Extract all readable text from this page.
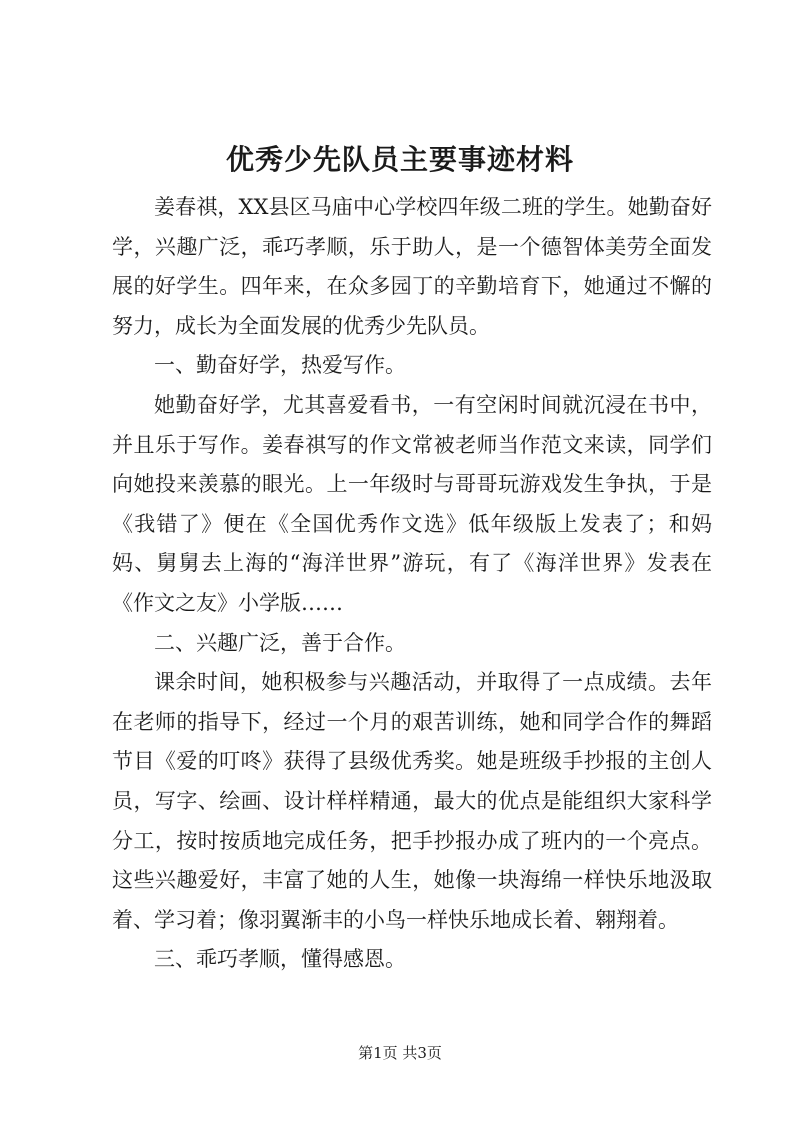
优秀少先队员主要事迹材料

姜春祺，XX县区马庙中心学校四年级二班的学生。她勤奋好学，兴趣广泛，乖巧孝顺，乐于助人，是一个德智体美劳全面发展的好学生。四年来，在众多园丁的辛勤培育下，她通过不懈的努力，成长为全面发展的优秀少先队员。

一、勤奋好学，热爱写作。

她勤奋好学，尤其喜爱看书，一有空闲时间就沉浸在书中，并且乐于写作。姜春祺写的作文常被老师当作范文来读，同学们向她投来羡慕的眼光。上一年级时与哥哥玩游戏发生争执，于是《我错了》便在《全国优秀作文选》低年级版上发表了；和妈妈、舅舅去上海的“海洋世界”游玩，有了《海洋世界》发表在《作文之友》小学版……

二、兴趣广泛，善于合作。

课余时间，她积极参与兴趣活动，并取得了一点成绩。去年在老师的指导下，经过一个月的艰苦训练，她和同学合作的舞蹈节目《爱的叮咚》获得了县级优秀奖。她是班级手抄报的主创人员，写字、绘画、设计样样精通，最大的优点是能组织大家科学分工，按时按质地完成任务，把手抄报办成了班内的一个亮点。这些兴趣爱好，丰富了她的人生，她像一块海绵一样快乐地汲取着、学习着；像羽翼渐丰的小鸟一样快乐地成长着、翱翔着。

三、乖巧孝顺，懂得感恩。

第1页 共3页
